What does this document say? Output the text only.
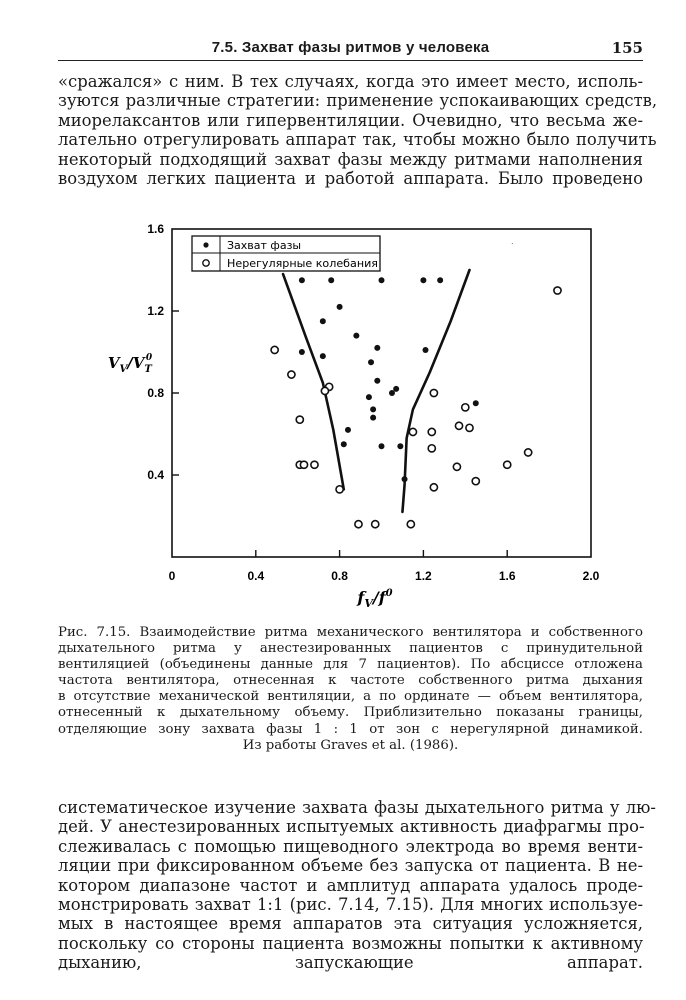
7.5. Захват фазы ритмов у человека	155
«сражался» с ним. В тех случаях, когда это имеет место, исполь-
зуются различные стратегии: применение успокаивающих средств,
миорелаксантов или гипервентиляции. Очевидно, что весьма же-
лательно отрегулировать аппарат так, чтобы можно было получить
некоторый подходящий захват фазы между ритмами наполнения
воздухом легких пациента и работой аппарата. Было проведено
0	0.4	0.8	1.2	1.6	2.0
0.4
0.8
1.2
1.6
$V_V/V_T0$
$f_V/f^0$
Захват фазы
Нерегулярные колебания
.
Рис. 7.15. Взаимодействие ритма механического вентилятора и собственного
дыхательного ритма у анестезированных пациентов с принудительной
вентиляцией (объединены данные для 7 пациентов). По абсциссе отложена
частота вентилятора, отнесенная к частоте собственного ритма дыхания
в отсутствие механической вентиляции, а по ординате — объем вентилятора,
отнесенный к дыхательному объему. Приблизительно показаны границы,
отделяющие зону захвата фазы 1 : 1 от зон с нерегулярной динамикой.
Из работы Graves et al. (1986).
систематическое изучение захвата фазы дыхательного ритма у лю-
дей. У анестезированных испытуемых активность диафрагмы про-
слеживалась с помощью пищеводного электрода во время венти-
ляции при фиксированном объеме без запуска от пациента. В не-
котором диапазоне частот и амплитуд аппарата удалось проде-
монстрировать захват 1:1 (рис. 7.14, 7.15). Для многих используе-
мых в настоящее время аппаратов эта ситуация усложняется,
поскольку со стороны пациента возможны попытки к активному
дыханию, запускающие аппарат.
